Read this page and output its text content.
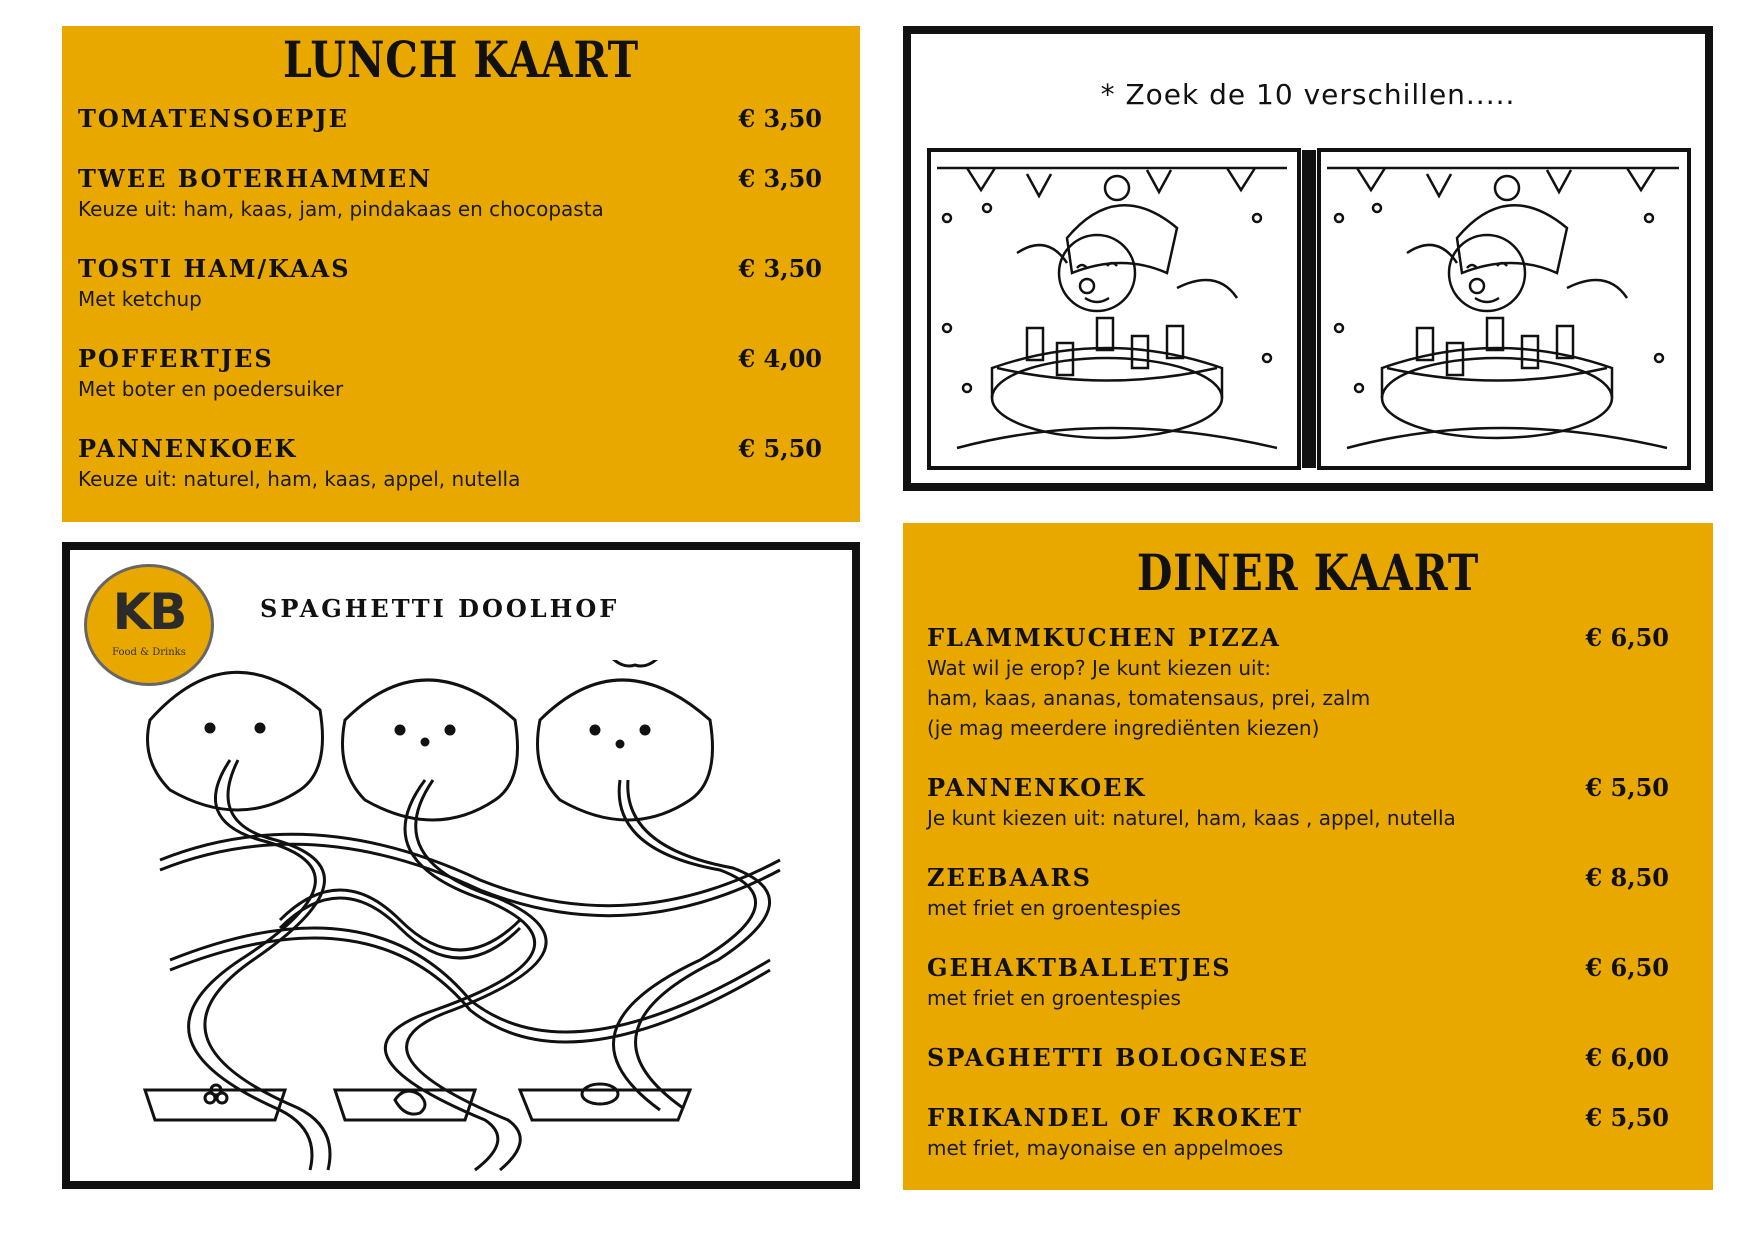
LUNCH KAART
TOMATENSOEPJE	€ 3,50
TWEE BOTERHAMMEN	€ 3,50
Keuze uit: ham, kaas, jam, pindakaas en chocopasta
TOSTI HAM/KAAS	€ 3,50
Met ketchup
POFFERTJES	€ 4,00
Met boter en poedersuiker
PANNENKOEK	€ 5,50
Keuze uit: naturel, ham, kaas, appel, nutella
* Zoek de 10 verschillen.....
KB
Food & Drinks
SPAGHETTI DOOLHOF
DINER KAART
FLAMMKUCHEN PIZZA	€ 6,50
Wat wil je erop? Je kunt kiezen uit:
ham, kaas, ananas, tomatensaus, prei, zalm
(je mag meerdere ingrediënten kiezen)
PANNENKOEK	€ 5,50
Je kunt kiezen uit: naturel, ham, kaas , appel, nutella
ZEEBAARS	€ 8,50
met friet en groentespies
GEHAKTBALLETJES	€ 6,50
met friet en groentespies
SPAGHETTI BOLOGNESE	€ 6,00
FRIKANDEL OF KROKET	€ 5,50
met friet, mayonaise en appelmoes
